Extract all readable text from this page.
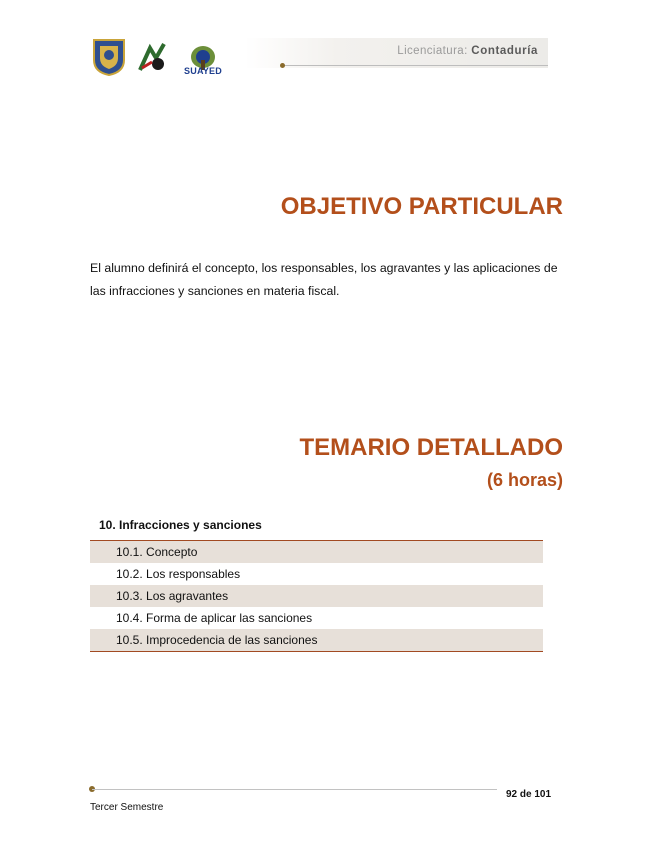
SUAYED
Licenciatura: Contaduría
OBJETIVO PARTICULAR

El alumno definirá el concepto, los responsables, los agravantes y las aplicaciones de las infracciones y sanciones en materia fiscal.

TEMARIO DETALLADO
(6 horas)
10. Infracciones y sanciones
10.1. Concepto
10.2. Los responsables
10.3. Los agravantes
10.4. Forma de aplicar las sanciones
10.5. Improcedencia de las sanciones
92 de 101
Tercer Semestre
